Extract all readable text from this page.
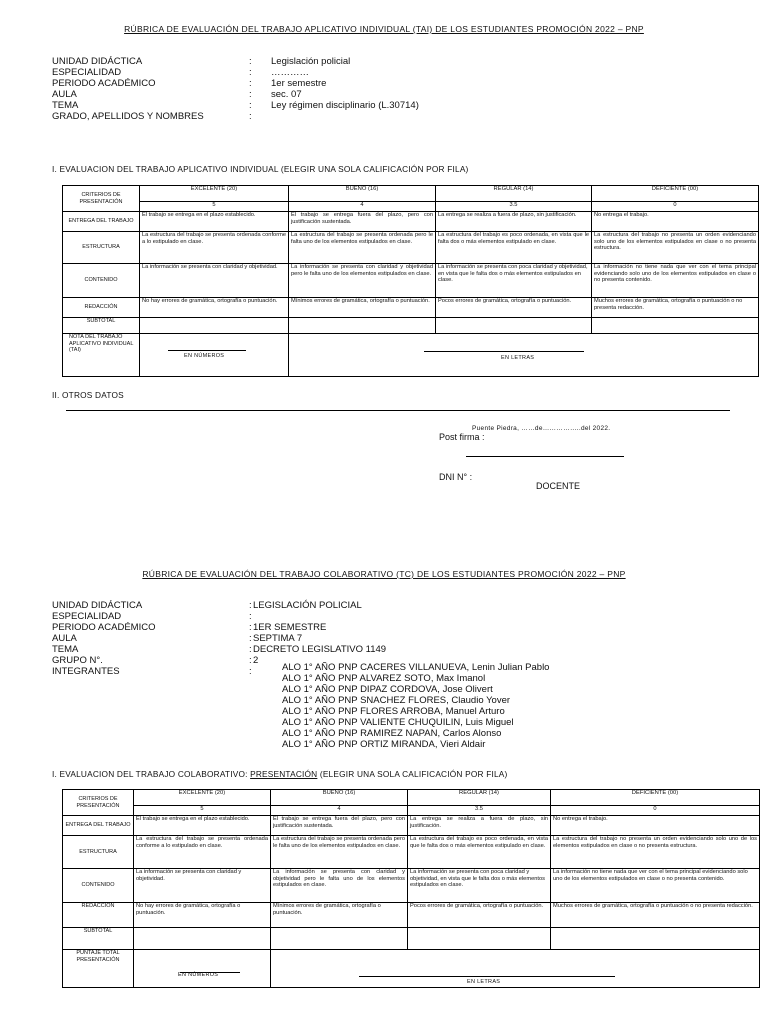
RÚBRICA DE EVALUACIÓN DEL TRABAJO APLICATIVO INDIVIDUAL (TAI) DE LOS ESTUDIANTES PROMOCIÓN 2022 – PNP
UNIDAD DIDÁCTICA	:	Legislación policial
ESPECIALIDAD	:	…………
PERIODO ACADÉMICO	:	1er semestre
AULA	:	sec. 07
TEMA	:	Ley régimen disciplinario (L.30714)
GRADO, APELLIDOS Y NOMBRES	:
I. EVALUACION DEL TRABAJO APLICATIVO INDIVIDUAL (ELEGIR UNA SOLA CALIFICACIÓN POR FILA)
CRITERIOS DE PRESENTACIÓN	EXCELENTE (20)	BUENO (16)	REGULAR (14)	DEFICIENTE (00)
	5	4	3.5	0
ENTREGA DEL TRABAJO	El trabajo se entrega en el plazo establecido.	El trabajo se entrega fuera del plazo, pero con justificación sustentada.	La entrega se realiza a fuera de plazo, sin justificación.	No entrega el trabajo.
ESTRUCTURA	La estructura del trabajo se presenta ordenada conforme a lo estipulado en clase.	La estructura del trabajo se presenta ordenada pero le falta uno de los elementos estipulados en clase.	La estructura del trabajo es poco ordenada, en vista que le falta dos o más elementos estipulado en clase.	La estructura del trabajo no presenta un orden evidenciando solo uno de los elementos estipulados en clase o no presenta estructura.
CONTENIDO	La información se presenta con claridad y objetividad.	La información se presenta con claridad y objetividad pero le falta uno de los elementos estipulados en clase.	La información se presenta con poca claridad y objetividad, en vista que le falta dos o más elementos estipulados en clase.	La información no tiene nada que ver con el tema principal evidenciando solo uno de los elementos estipulados en clase o no presenta contenido.
REDACCIÓN	No hay errores de gramática, ortografía o puntuación.	Mínimos errores de gramática, ortografía o puntuación.	Pocos errores de gramática, ortografía o puntuación.	Muchos errores de gramática, ortografía o puntuación o no presenta redacción.
SUBTOTAL				
NOTA DEL TRABAJO APLICATIVO INDIVIDUAL (TAI)	EN NÚMEROS	EN LETRAS		
II. OTROS DATOS
Puente Piedra, ……de……………..del 2022.
Post firma :
DNI N° :
DOCENTE
RÚBRICA DE EVALUACIÓN DEL TRABAJO COLABORATIVO (TC) DE LOS ESTUDIANTES PROMOCIÓN 2022 – PNP
UNIDAD DIDÁCTICA	: LEGISLACIÓN POLICIAL
ESPECIALIDAD	:
PERIODO ACADÉMICO	: 1ER SEMESTRE
AULA	: SEPTIMA 7
TEMA	: DECRETO LEGISLATIVO 1149
GRUPO N°.	: 2
INTEGRANTES	:	ALO 1° AÑO PNP CACERES VILLANUEVA, Lenin Julian Pablo
ALO 1° AÑO PNP ALVAREZ SOTO, Max Imanol
ALO 1° AÑO PNP DIPAZ CORDOVA, Jose Olivert
ALO 1° AÑO PNP SNACHEZ FLORES, Claudio Yover
ALO 1° AÑO PNP FLORES ARROBA, Manuel Arturo
ALO 1° AÑO PNP VALIENTE CHUQUILIN, Luis Miguel
ALO 1° AÑO PNP RAMIREZ NAPAN, Carlos Alonso
ALO 1° AÑO PNP ORTIZ MIRANDA, Vieri Aldair
I. EVALUACION DEL TRABAJO COLABORATIVO: PRESENTACIÓN (ELEGIR UNA SOLA CALIFICACIÓN POR FILA)
CRITERIOS DE PRESENTACIÓN	EXCELENTE (20)	BUENO (16)	REGULAR (14)	DEFICIENTE (00)
	5	4	3.5	0
ENTREGA DEL TRABAJO	El trabajo se entrega en el plazo establecido.	El trabajo se entrega fuera del plazo, pero con justificación sustentada.	La entrega se realiza a fuera de plazo, sin justificación.	No entrega el trabajo.
ESTRUCTURA	La estructura del trabajo se presenta ordenada conforme a lo estipulado en clase.	La estructura del trabajo se presenta ordenada pero le falta uno de los elementos estipulados en clase.	La estructura del trabajo es poco ordenada, en vista que le falta dos o más elementos estipulado en clase.	La estructura del trabajo no presenta un orden evidenciando solo uno de los elementos estipulados en clase o no presenta estructura.
CONTENIDO	La información se presenta con claridad y objetividad.	La información se presenta con claridad y objetividad pero le falta uno de los elementos estipulados en clase.	La información se presenta con poca claridad y objetividad, en vista que le falta dos o más elementos estipulados en clase.	La información no tiene nada que ver con el tema principal evidenciando solo uno de los elementos estipulados en clase o no presenta contenido.
REDACCIÓN	No hay errores de gramática, ortografía o puntuación.	Mínimos errores de gramática, ortografía o puntuación.	Pocos errores de gramática, ortografía o puntuación.	Muchos errores de gramática, ortografía o puntuación o no presenta redacción.
SUBTOTAL				
PUNTAJE TOTAL PRESENTACIÓN	EN NÚMEROS	EN LETRAS		
